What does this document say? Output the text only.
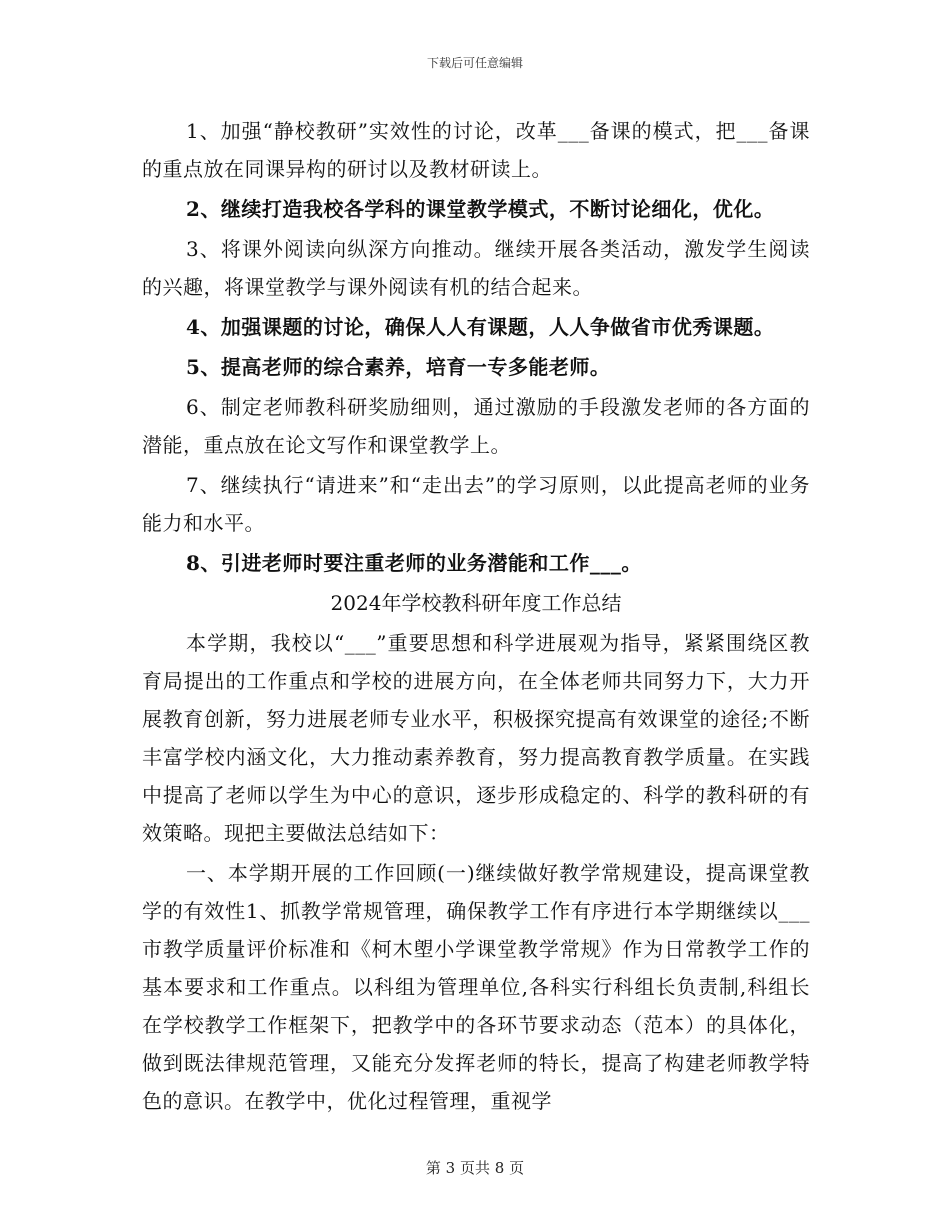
下载后可任意编辑

1、加强“静校教研”实效性的讨论，改革___备课的模式，把___备课的重点放在同课异构的研讨以及教材研读上。

2、继续打造我校各学科的课堂教学模式，不断讨论细化，优化。

3、将课外阅读向纵深方向推动。继续开展各类活动，激发学生阅读的兴趣，将课堂教学与课外阅读有机的结合起来。

4、加强课题的讨论，确保人人有课题，人人争做省市优秀课题。

5、提高老师的综合素养，培育一专多能老师。

6、制定老师教科研奖励细则，通过激励的手段激发老师的各方面的潜能，重点放在论文写作和课堂教学上。

7、继续执行“请进来”和“走出去”的学习原则，以此提高老师的业务能力和水平。

8、引进老师时要注重老师的业务潜能和工作___。

2024年学校教科研年度工作总结

本学期，我校以“___”重要思想和科学进展观为指导，紧紧围绕区教育局提出的工作重点和学校的进展方向，在全体老师共同努力下，大力开展教育创新，努力进展老师专业水平，积极探究提高有效课堂的途径;不断丰富学校内涵文化，大力推动素养教育，努力提高教育教学质量。在实践中提高了老师以学生为中心的意识，逐步形成稳定的、科学的教科研的有效策略。现把主要做法总结如下：

一、本学期开展的工作回顾(一)继续做好教学常规建设，提高课堂教学的有效性1、抓教学常规管理，确保教学工作有序进行本学期继续以___市教学质量评价标准和《柯木塱小学课堂教学常规》作为日常教学工作的基本要求和工作重点。以科组为管理单位,各科实行科组长负责制,科组长在学校教学工作框架下，把教学中的各环节要求动态（范本）的具体化，做到既法律规范管理，又能充分发挥老师的特长，提高了构建老师教学特色的意识。在教学中，优化过程管理，重视学

第 3 页共 8 页
